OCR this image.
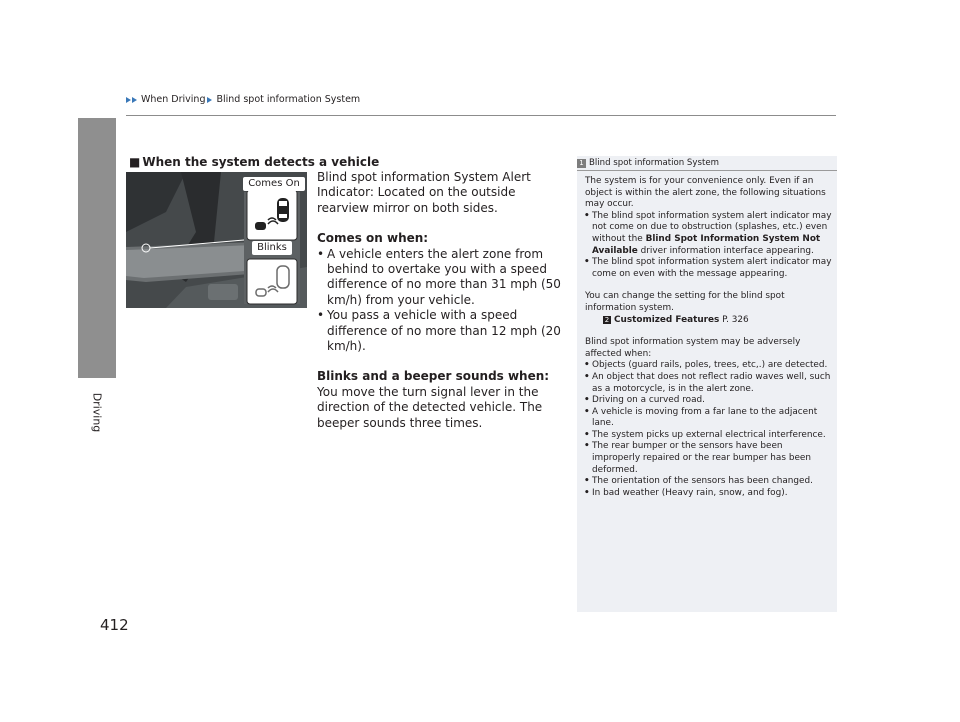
When Driving Blind spot information System
Driving
412
■ When the system detects a vehicle
Comes On
Blinks

Blind spot information System Alert Indicator: Located on the outside rearview mirror on both sides.

Comes on when:

• A vehicle enters the alert zone from behind to overtake you with a speed difference of no more than 31 mph (50 km/h) from your vehicle.
• You pass a vehicle with a speed difference of no more than 12 mph (20 km/h).

Blinks and a beeper sounds when:

You move the turn signal lever in the direction of the detected vehicle. The beeper sounds three times.

1 Blind spot information System

The system is for your convenience only. Even if an object is within the alert zone, the following situations may occur.

• The blind spot information system alert indicator may not come on due to obstruction (splashes, etc.) even without the Blind Spot Information System Not Available driver information interface appearing.
• The blind spot information system alert indicator may come on even with the message appearing.

You can change the setting for the blind spot information system.

2 Customized Features P. 326

Blind spot information system may be adversely affected when:

• Objects (guard rails, poles, trees, etc,.) are detected.
• An object that does not reflect radio waves well, such as a motorcycle, is in the alert zone.
• Driving on a curved road.
• A vehicle is moving from a far lane to the adjacent lane.
• The system picks up external electrical interference.
• The rear bumper or the sensors have been improperly repaired or the rear bumper has been deformed.
• The orientation of the sensors has been changed.
• In bad weather (Heavy rain, snow, and fog).
